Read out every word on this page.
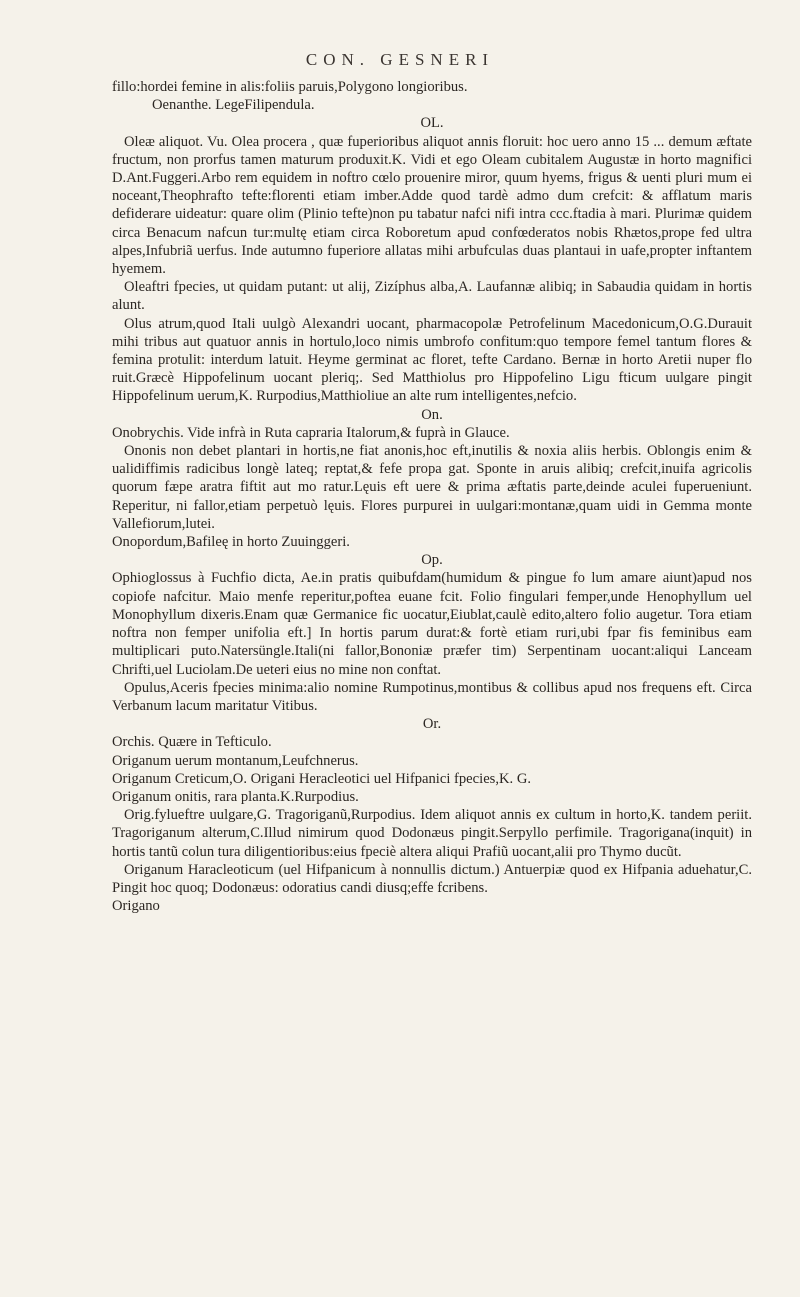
CON. GESNERI

fillo:hordei femine in alis:foliis paruis,Polygono longioribus.

Oenanthe. LegeFilipendula.

OL.

Oleæ aliquot. Vu. Olea procera , quæ fuperioribus aliquot annis floruit: hoc uero anno 15 ... demum æftate fructum, non prorfus tamen maturum produxit.K. Vidi et ego Oleam cubitalem Augustæ in horto magnifici D.Ant.Fuggeri.Arbo rem equidem in noftro cœlo prouenire miror, quum hyems, frigus & uenti pluri mum ei noceant,Theophrafto tefte:florenti etiam imber.Adde quod tardè admo dum crefcit: & afflatum maris defiderare uideatur: quare olim (Plinio tefte)non pu tabatur nafci nifi intra ccc.ftadia à mari. Plurimæ quidem circa Benacum nafcun tur:multę etiam circa Roboretum apud confœderatos nobis Rhætos,prope fed ultra alpes,Infubriã uerfus. Inde autumno fuperiore allatas mihi arbufculas duas plantaui in uafe,propter inftantem hyemem.

Oleaftri fpecies, ut quidam putant: ut alij, Zizíphus alba,A. Laufannæ alibiq; in Sabaudia quidam in hortis alunt.

Olus atrum,quod Itali uulgò Alexandri uocant, pharmacopolæ Petrofelinum Macedonicum,O.G.Durauit mihi tribus aut quatuor annis in hortulo,loco nimis umbrofo confitum:quo tempore femel tantum flores & femina protulit: interdum latuit. Heyme germinat ac floret, tefte Cardano. Bernæ in horto Aretii nuper flo ruit.Græcè Hippofelinum uocant pleriq;. Sed Matthiolus pro Hippofelino Ligu fticum uulgare pingit Hippofelinum uerum,K. Rurpodius,Matthioliue an alte rum intelligentes,nefcio.

On.

Onobrychis. Vide infrà in Ruta capraria Italorum,& fuprà in Glauce.

Ononis non debet plantari in hortis,ne fiat anonis,hoc eft,inutilis & noxia aliis herbis. Oblongis enim & ualidiffimis radicibus longè lateq; reptat,& fefe propa gat. Sponte in aruis alibiq; crefcit,inuifa agricolis quorum fæpe aratra fiftit aut mo ratur.Lęuis eft uere & prima æftatis parte,deinde aculei fuperueniunt. Reperitur, ni fallor,etiam perpetuò lęuis. Flores purpurei in uulgari:montanæ,quam uidi in Gemma monte Vallefiorum,lutei.

Onopordum,Bafileę in horto Zuuinggeri.

Op.

Ophioglossus à Fuchfio dicta, Ae.in pratis quibufdam(humidum & pingue fo lum amare aiunt)apud nos copiofe nafcitur. Maio menfe reperitur,poftea euane fcit. Folio fingulari femper,unde Henophyllum uel Monophyllum dixeris.Enam quæ Germanice fic uocatur,Eiublat,caulè edito,altero folio augetur. Tora etiam noftra non femper unifolia eft.] In hortis parum durat:& fortè etiam ruri,ubi fpar fis feminibus eam multiplicari puto.Natersüngle.Itali(ni fallor,Bononiæ præfer tim) Serpentinam uocant:aliqui Lanceam Chrifti,uel Luciolam.De ueteri eius no mine non conftat.

Opulus,Aceris fpecies minima:alio nomine Rumpotinus,montibus & collibus apud nos frequens eft. Circa Verbanum lacum maritatur Vitibus.

Or.

Orchis. Quære in Tefticulo.

Origanum uerum montanum,Leufchnerus.

Origanum Creticum,O. Origani Heracleotici uel Hifpanici fpecies,K. G.

Origanum onitis, rara planta.K.Rurpodius.

Orig.fylueftre uulgare,G. Tragoriganũ,Rurpodius. Idem aliquot annis ex cultum in horto,K. tandem periit. Tragoriganum alterum,C.Illud nimirum quod Dodonæus pingit.Serpyllo perfimile. Tragorigana(inquit) in hortis tantũ colun tura diligentioribus:eius fpeciè altera aliqui Prafiũ uocant,alii pro Thymo ducũt.

Origanum Haracleoticum (uel Hifpanicum à nonnullis dictum.) Antuerpiæ quod ex Hifpania aduehatur,C. Pingit hoc quoq; Dodonæus: odoratius candi diusq;effe fcribens.

Origano
